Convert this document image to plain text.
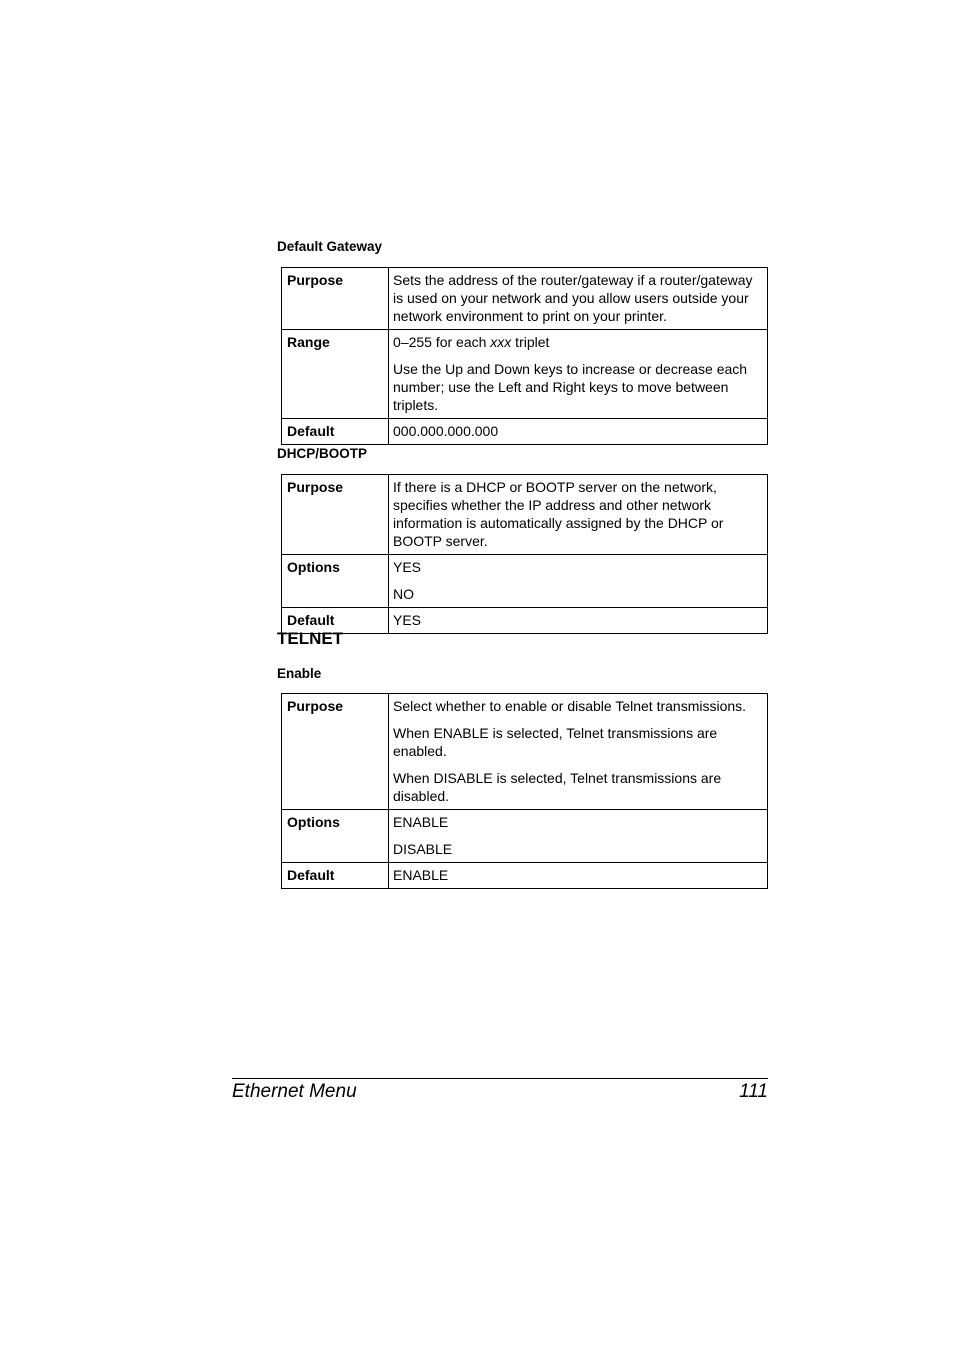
Default Gateway
Purpose	Sets the address of the router/gateway if a router/gateway is used on your network and you allow users outside your network environment to print on your printer.

Range	0–255 for each xxx triplet

Use the Up and Down keys to increase or decrease each number; use the Left and Right keys to move between triplets.

Default	000.000.000.000

DHCP/BOOTP
Purpose	If there is a DHCP or BOOTP server on the network, specifies whether the IP address and other network information is automatically assigned by the DHCP or BOOTP server.

Options	YES

NO

Default	YES

TELNET
Enable
Purpose	Select whether to enable or disable Telnet transmissions.

When ENABLE is selected, Telnet transmissions are enabled.

When DISABLE is selected, Telnet transmissions are disabled.

Options	ENABLE

DISABLE

Default	ENABLE

Ethernet Menu	111
